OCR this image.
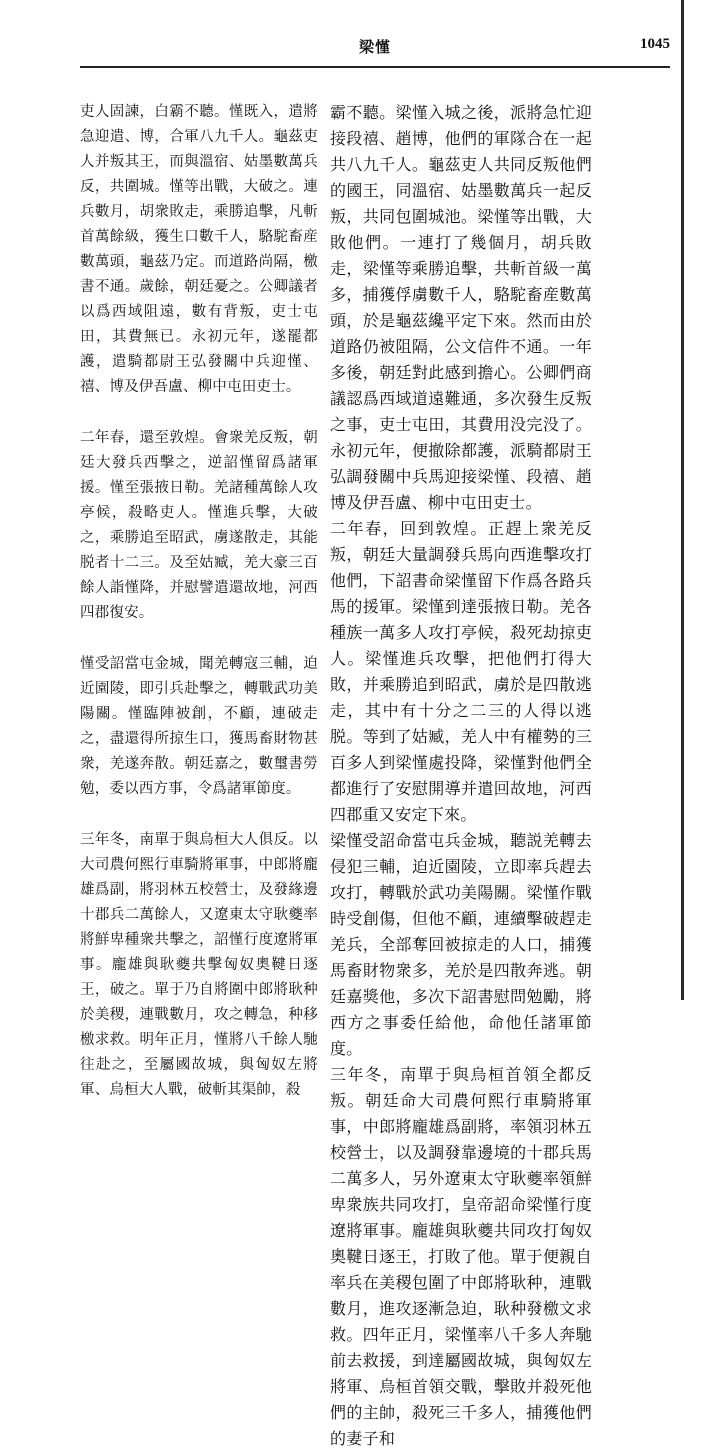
梁慬	1045

吏人固諫，白霸不聽。慬既入，遣將急迎遣、博，合軍八九千人。龜茲吏人并叛其王，而與溫宿、姑墨數萬兵反，共圍城。慬等出戰，大破之。連兵數月，胡衆敗走，乘勝追擊，凡斬首萬餘級，獲生口數千人，駱駝畜産數萬頭，龜茲乃定。而道路尚隔，檄書不通。歲餘，朝廷憂之。公卿議者以爲西域阻遠，數有背叛，吏士屯田，其費無已。永初元年，遂罷都護，遣騎都尉王弘發關中兵迎慬、禧、博及伊吾盧、柳中屯田吏士。

二年春，還至敦煌。會衆羌反叛，朝廷大發兵西擊之，逆詔慬留爲諸軍援。慬至張掖日勒。羌諸種萬餘人攻亭候，殺略吏人。慬進兵擊，大破之，乘勝追至昭武，虜遂散走，其能脱者十二三。及至姑臧，羌大豪三百餘人詣慬降，并慰譬遣還故地，河西四郡復安。

慬受詔當屯金城，聞羌轉寇三輔，迫近園陵，即引兵赴擊之，轉戰武功美陽關。慬臨陣被創，不顧，連破走之，盡還得所掠生口，獲馬畜財物甚衆，羌遂奔散。朝廷嘉之，數璽書勞勉，委以西方事，令爲諸軍節度。

三年冬，南單于與烏桓大人俱反。以大司農何熙行車騎將軍事，中郎將龐雄爲副，將羽林五校營士，及發緣邊十郡兵二萬餘人，又遼東太守耿夔率將鮮卑種衆共擊之，詔慬行度遼將軍事。龐雄與耿夔共擊匈奴奧鞬日逐王，破之。單于乃自將圍中郎將耿种於美稷，連戰數月，攻之轉急，种移檄求救。明年正月，慬將八千餘人馳往赴之，至屬國故城，與匈奴左將軍、烏桓大人戰，破斬其渠帥，殺

霸不聽。梁慬入城之後，派將急忙迎接段禧、趙博，他們的軍隊合在一起共八九千人。龜茲吏人共同反叛他們的國王，同溫宿、姑墨數萬兵一起反叛，共同包圍城池。梁慬等出戰，大敗他們。一連打了幾個月，胡兵敗走，梁慬等乘勝追擊，共斬首級一萬多，捕獲俘虜數千人，駱駝畜産數萬頭，於是龜茲纔平定下來。然而由於道路仍被阻隔，公文信件不通。一年多後，朝廷對此感到擔心。公卿們商議認爲西域道遠難通，多次發生反叛之事，吏士屯田，其費用没完没了。永初元年，便撤除都護，派騎都尉王弘調發關中兵馬迎接梁慬、段禧、趙博及伊吾盧、柳中屯田吏士。

二年春，回到敦煌。正趕上衆羌反叛，朝廷大量調發兵馬向西進擊攻打他們，下詔書命梁慬留下作爲各路兵馬的援軍。梁慬到達張掖日勒。羌各種族一萬多人攻打亭候，殺死劫掠吏人。梁慬進兵攻擊，把他們打得大敗，并乘勝追到昭武，虜於是四散逃走，其中有十分之二三的人得以逃脱。等到了姑臧，羌人中有權勢的三百多人到梁慬處投降，梁慬對他們全都進行了安慰開導并遣回故地，河西四郡重又安定下來。

梁慬受詔命當屯兵金城，聽説羌轉去侵犯三輔，迫近園陵，立即率兵趕去攻打，轉戰於武功美陽關。梁慬作戰時受創傷，但他不顧，連續擊破趕走羌兵，全部奪回被掠走的人口，捕獲馬畜財物衆多，羌於是四散奔逃。朝廷嘉獎他，多次下詔書慰問勉勵，將西方之事委任給他，命他任諸軍節度。

三年冬，南單于與烏桓首領全都反叛。朝廷命大司農何熙行車騎將軍事，中郎將龐雄爲副將，率領羽林五校營士，以及調發靠邊境的十郡兵馬二萬多人，另外遼東太守耿夔率領鮮卑衆族共同攻打，皇帝詔命梁慬行度遼將軍事。龐雄與耿夔共同攻打匈奴奧鞬日逐王，打敗了他。單于便親自率兵在美稷包圍了中郎將耿种，連戰數月，進攻逐漸急迫，耿种發檄文求救。四年正月，梁慬率八千多人奔馳前去救援，到達屬國故城，與匈奴左將軍、烏桓首領交戰，擊敗并殺死他們的主帥，殺死三千多人，捕獲他們的妻子和
